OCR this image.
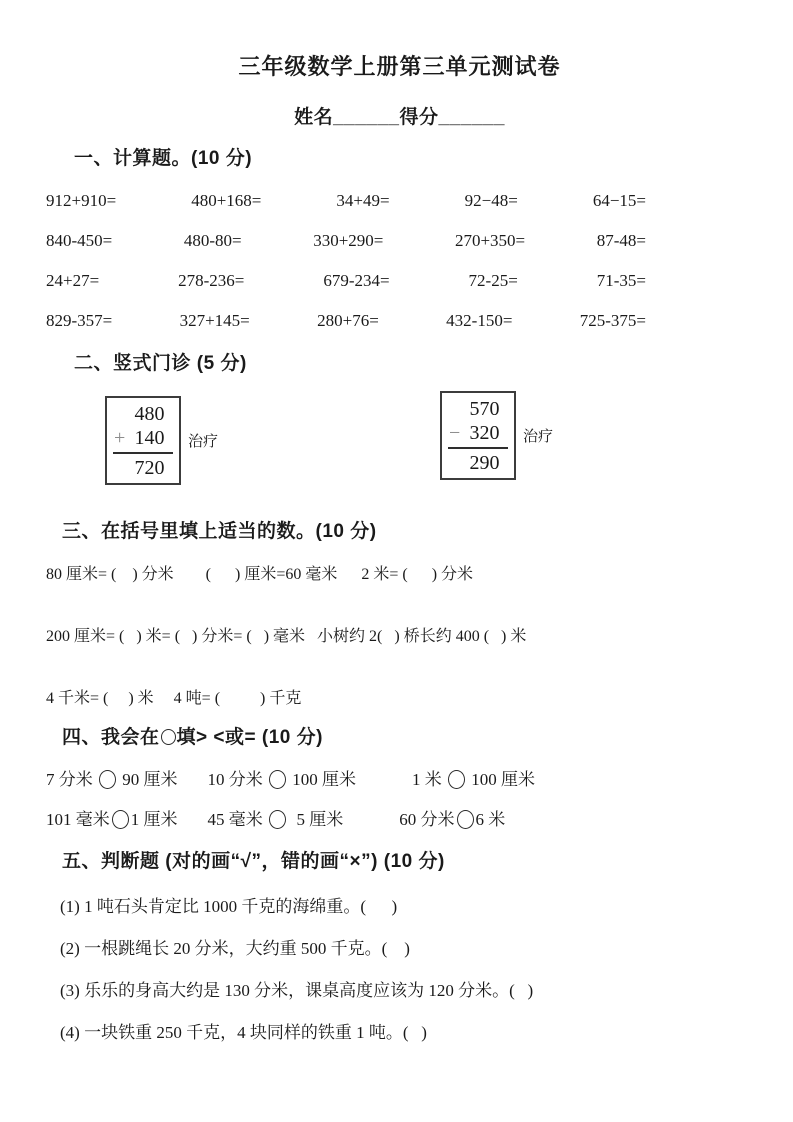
三年级数学上册第三单元测试卷
姓名______得分______
一、计算题。(10 分)
912+910=	480+168=	34+49=	92−48=	64−15=
840-450=	480-80=	330+290=	270+350=	87-48=
24+27=	278-236=	679-234=	72-25=	71-35=
829-357=	327+145=	280+76=	432-150=	725-375=
二、竖式门诊 (5 分)
480
+ 140
720
治疗
570
− 320
290
治疗
三、在括号里填上适当的数。(10 分)
80 厘米= (    ) 分米        (      ) 厘米=60 毫米      2 米= (      ) 分米
200 厘米= (   ) 米= (   ) 分米= (   ) 毫米   小树约 2(   ) 桥长约 400 (   ) 米
4 千米= (     ) 米     4 吨= (          ) 千克
四、我会在 填> <或= (10 分)
7 分米  90 厘米 10 分米  100 厘米	1 米  100 厘米
101 毫米 1 厘米 45 毫米   5 厘米	60 分米 6 米
五、判断题 (对的画“√”，错的画“×”) (10 分)
(1) 1 吨石头肯定比 1000 千克的海绵重。(      )
(2) 一根跳绳长 20 分米，大约重 500 千克。(    )
(3) 乐乐的身高大约是 130 分米，课桌高度应该为 120 分米。(   )
(4) 一块铁重 250 千克，4 块同样的铁重 1 吨。(   )
